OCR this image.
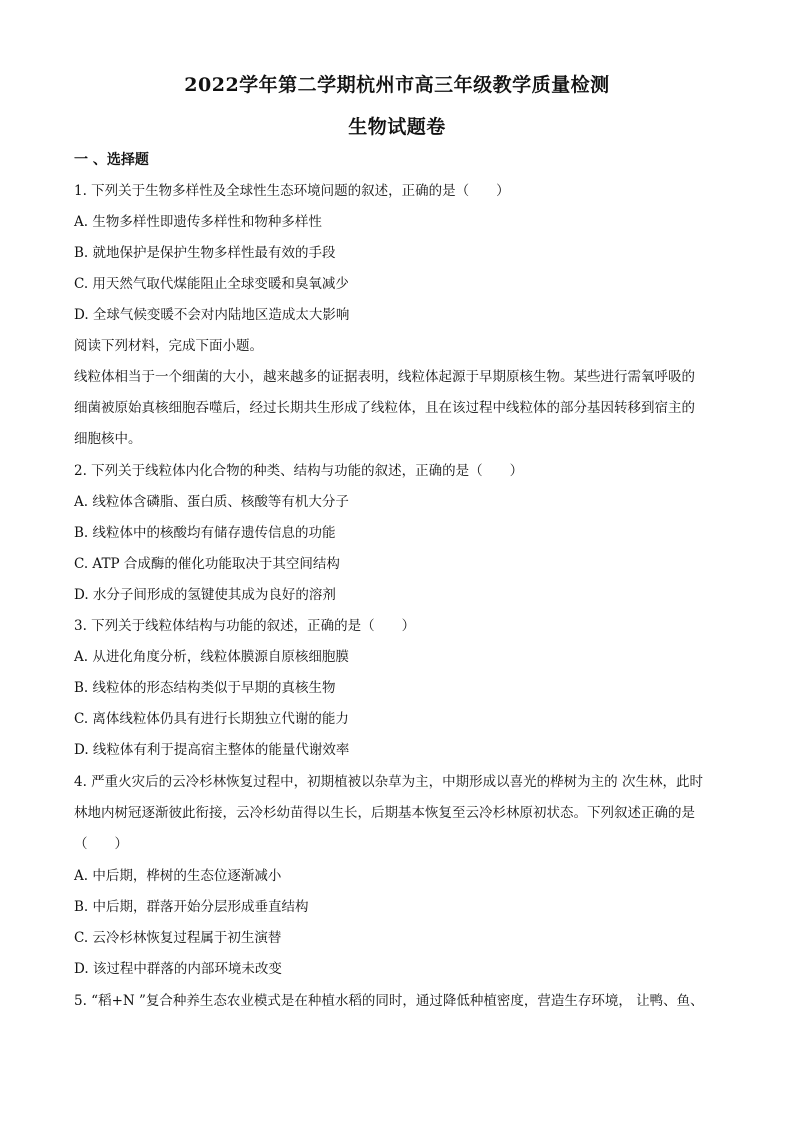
2022学年第二学期杭州市高三年级教学质量检测
生物试题卷
一 、选择题
1. 下列关于生物多样性及全球性生态环境问题的叙述，正确的是（　　）
A. 生物多样性即遗传多样性和物种多样性
B. 就地保护是保护生物多样性最有效的手段
C. 用天然气取代煤能阻止全球变暖和臭氧减少
D. 全球气候变暖不会对内陆地区造成太大影响
阅读下列材料，完成下面小题。
线粒体相当于一个细菌的大小，越来越多的证据表明，线粒体起源于早期原核生物。某些进行需氧呼吸的
细菌被原始真核细胞吞噬后，经过长期共生形成了线粒体，且在该过程中线粒体的部分基因转移到宿主的
细胞核中。
2. 下列关于线粒体内化合物的种类、结构与功能的叙述，正确的是（　　）
A. 线粒体含磷脂、蛋白质、核酸等有机大分子
B. 线粒体中的核酸均有储存遗传信息的功能
C. ATP 合成酶的催化功能取决于其空间结构
D. 水分子间形成的氢键使其成为良好的溶剂
3. 下列关于线粒体结构与功能的叙述，正确的是（　　）
A. 从进化角度分析，线粒体膜源自原核细胞膜
B. 线粒体的形态结构类似于早期的真核生物
C. 离体线粒体仍具有进行长期独立代谢的能力
D. 线粒体有利于提高宿主整体的能量代谢效率
4. 严重火灾后的云冷杉林恢复过程中，初期植被以杂草为主，中期形成以喜光的桦树为主的 次生林，此时
林地内树冠逐渐彼此衔接，云冷杉幼苗得以生长，后期基本恢复至云冷杉林原初状态。下列叙述正确的是
（　　）
A. 中后期，桦树的生态位逐渐减小
B. 中后期，群落开始分层形成垂直结构
C. 云冷杉林恢复过程属于初生演替
D. 该过程中群落的内部环境未改变
5. “稻+N ”复合种养生态农业模式是在种植水稻的同时，通过降低种植密度，营造生存环境， 让鸭、鱼、
